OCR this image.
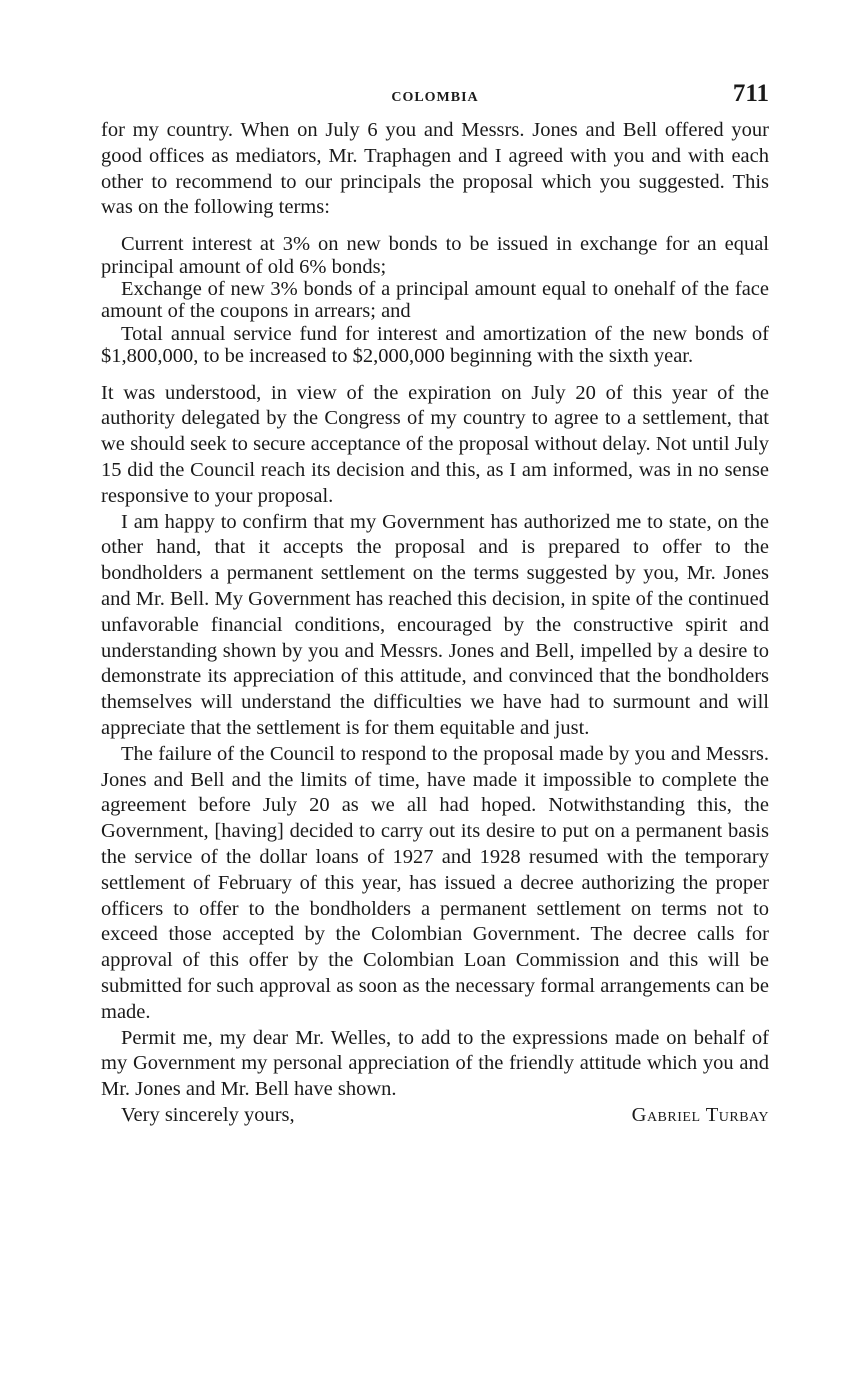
COLOMBIA	711

for my country. When on July 6 you and Messrs. Jones and Bell offered your good offices as mediators, Mr. Traphagen and I agreed with you and with each other to recommend to our principals the proposal which you suggested. This was on the following terms:

Current interest at 3% on new bonds to be issued in exchange for an equal principal amount of old 6% bonds;

Exchange of new 3% bonds of a principal amount equal to onehalf of the face amount of the coupons in arrears; and

Total annual service fund for interest and amortization of the new bonds of $1,800,000, to be increased to $2,000,000 beginning with the sixth year.

It was understood, in view of the expiration on July 20 of this year of the authority delegated by the Congress of my country to agree to a settlement, that we should seek to secure acceptance of the proposal without delay. Not until July 15 did the Council reach its decision and this, as I am informed, was in no sense responsive to your proposal.

I am happy to confirm that my Government has authorized me to state, on the other hand, that it accepts the proposal and is prepared to offer to the bondholders a permanent settlement on the terms suggested by you, Mr. Jones and Mr. Bell. My Government has reached this decision, in spite of the continued unfavorable financial conditions, encouraged by the constructive spirit and understanding shown by you and Messrs. Jones and Bell, impelled by a desire to demonstrate its appreciation of this attitude, and convinced that the bondholders themselves will understand the difficulties we have had to surmount and will appreciate that the settlement is for them equitable and just.

The failure of the Council to respond to the proposal made by you and Messrs. Jones and Bell and the limits of time, have made it impossible to complete the agreement before July 20 as we all had hoped. Notwithstanding this, the Government, [having] decided to carry out its desire to put on a permanent basis the service of the dollar loans of 1927 and 1928 resumed with the temporary settlement of February of this year, has issued a decree authorizing the proper officers to offer to the bondholders a permanent settlement on terms not to exceed those accepted by the Colombian Government. The decree calls for approval of this offer by the Colombian Loan Commission and this will be submitted for such approval as soon as the necessary formal arrangements can be made.

Permit me, my dear Mr. Welles, to add to the expressions made on behalf of my Government my personal appreciation of the friendly attitude which you and Mr. Jones and Mr. Bell have shown.

Very sincerely yours,	Gabriel Turbay
